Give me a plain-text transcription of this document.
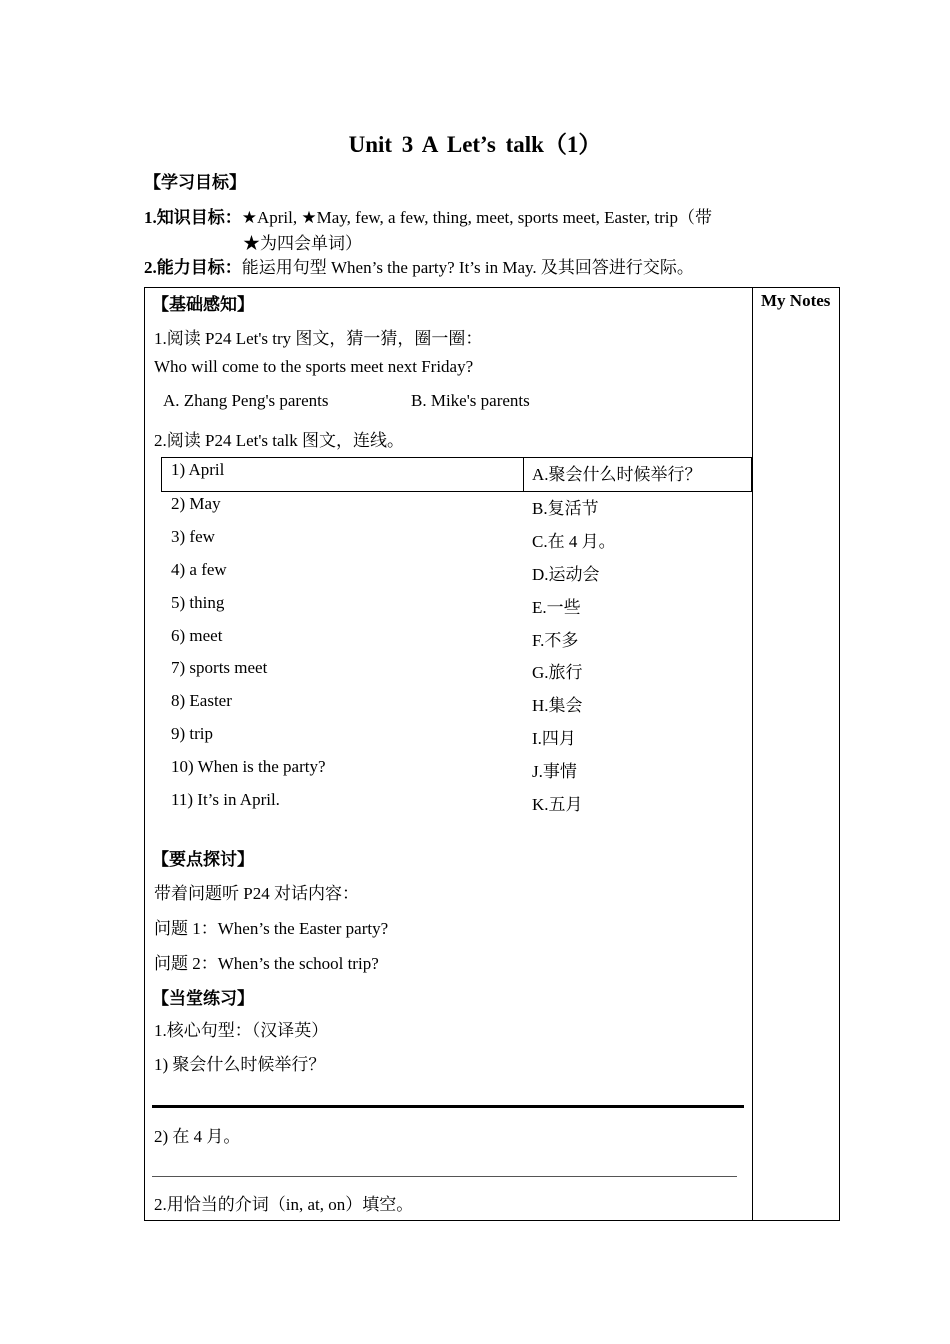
Unit 3 A Let’s talk（1）
【学习目标】
1.知识目标：★April, ★May, few, a few, thing, meet, sports meet, Easter, trip（带
★为四会单词）
2.能力目标：能运用句型 When’s the party? It’s in May. 及其回答进行交际。
My Notes
【基础感知】
1.阅读 P24 Let's try 图文，猜一猜，圈一圈：
Who will come to the sports meet next Friday?
A. Zhang Peng's parents	B. Mike's parents
2.阅读 P24 Let's talk 图文，连线。
1) April
2) May
3) few
4) a few
5) thing
6) meet
7) sports meet
8) Easter
9) trip
10) When is the party?
11) It’s in April.
A.聚会什么时候举行？
B.复活节
C.在 4 月。
D.运动会
E.一些
F.不多
G.旅行
H.集会
I.四月
J.事情
K.五月
【要点探讨】
带着问题听 P24 对话内容：
问题 1：When’s the Easter party?
问题 2：When’s the school trip?
【当堂练习】
1.核心句型：（汉译英）
1) 聚会什么时候举行？
2) 在 4 月。
2.用恰当的介词（in, at, on）填空。
